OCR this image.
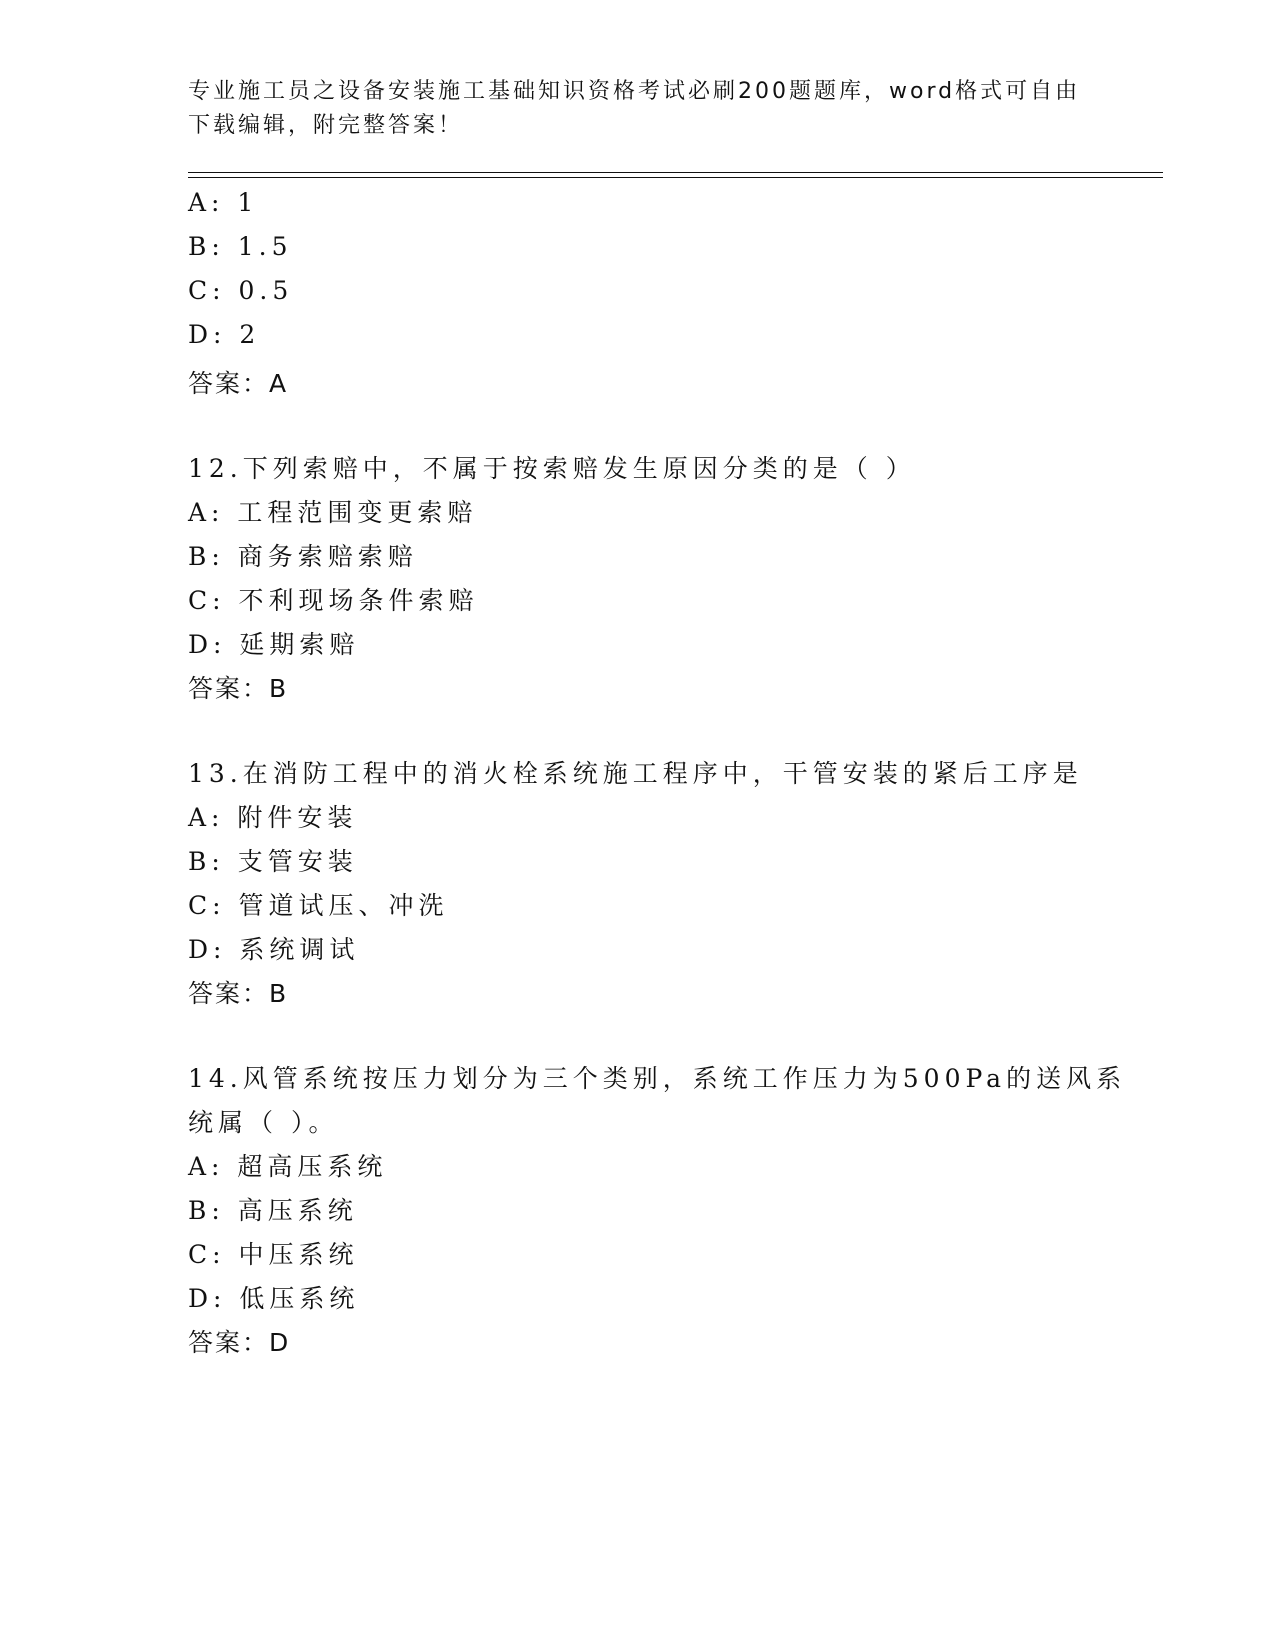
专业施工员之设备安装施工基础知识资格考试必刷200题题库，word格式可自由
下载编辑，附完整答案！
A: 1
B: 1.5
C: 0.5
D: 2
答案：A
12.下列索赔中，不属于按索赔发生原因分类的是（ ）
A: 工程范围变更索赔
B: 商务索赔索赔
C: 不利现场条件索赔
D: 延期索赔
答案：B
13.在消防工程中的消火栓系统施工程序中，干管安装的紧后工序是
A: 附件安装
B: 支管安装
C: 管道试压、冲洗
D: 系统调试
答案：B
14.风管系统按压力划分为三个类别，系统工作压力为500Pa的送风系
统属（ ）。
A: 超高压系统
B: 高压系统
C: 中压系统
D: 低压系统
答案：D
